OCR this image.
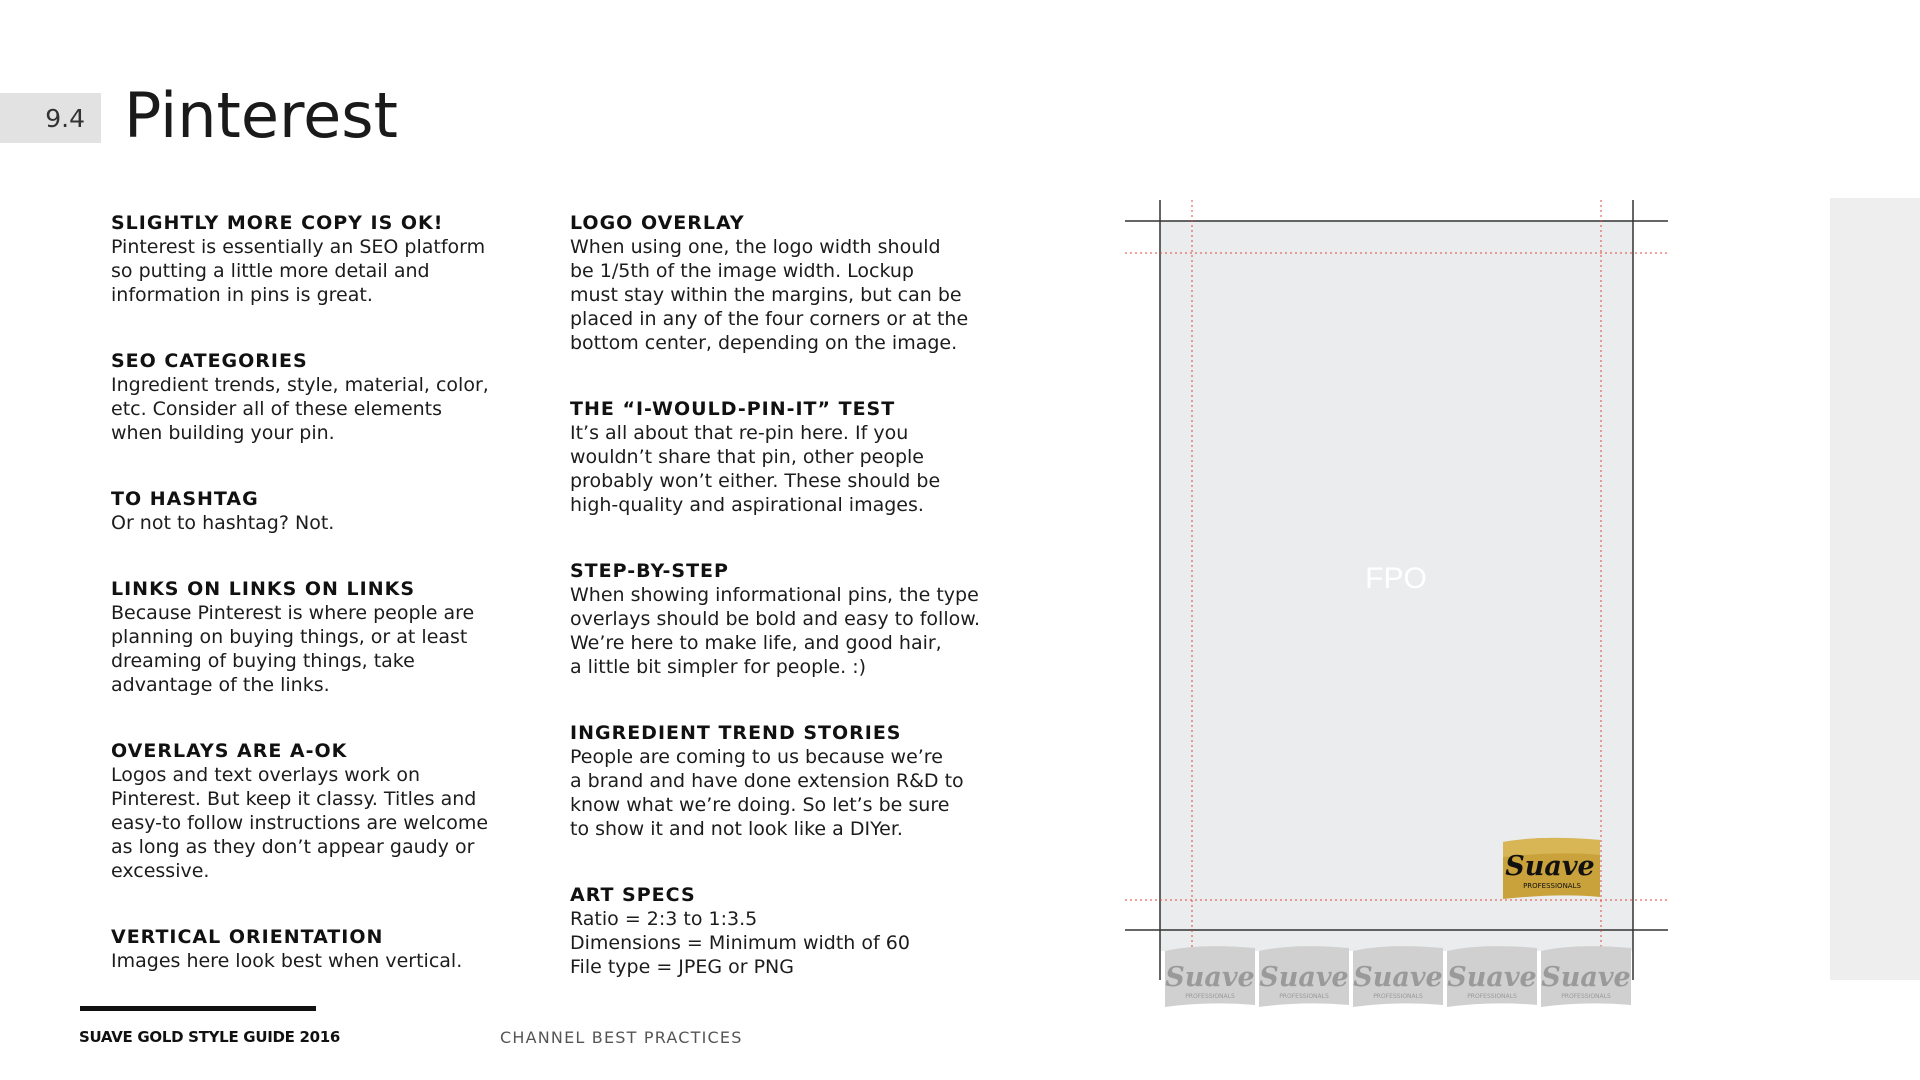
9.4 Pinterest
SLIGHTLY MORE COPY IS OK!
Pinterest is essentially an SEO platform
so putting a little more detail and
information in pins is great.
SEO CATEGORIES
Ingredient trends, style, material, color,
etc. Consider all of these elements
when building your pin.
TO HASHTAG
Or not to hashtag? Not.
LINKS ON LINKS ON LINKS
Because Pinterest is where people are
planning on buying things, or at least
dreaming of buying things, take
advantage of the links.
OVERLAYS ARE A-OK
Logos and text overlays work on
Pinterest. But keep it classy. Titles and
easy-to follow instructions are welcome
as long as they don’t appear gaudy or
excessive.
VERTICAL ORIENTATION
Images here look best when vertical.
LOGO OVERLAY
When using one, the logo width should
be 1/5th of the image width. Lockup
must stay within the margins, but can be
placed in any of the four corners or at the
bottom center, depending on the image.
THE “I-WOULD-PIN-IT” TEST
It’s all about that re-pin here. If you
wouldn’t share that pin, other people
probably won’t either. These should be
high-quality and aspirational images.
STEP-BY-STEP
When showing informational pins, the type
overlays should be bold and easy to follow.
We’re here to make life, and good hair,
a little bit simpler for people. :)
INGREDIENT TREND STORIES
People are coming to us because we’re
a brand and have done extension R&D to
know what we’re doing. So let’s be sure
to show it and not look like a DIYer.
ART SPECS
Ratio = 2:3 to 1:3.5
Dimensions = Minimum width of 60
File type = JPEG or PNG
FPO
Suave
PROFESSIONALS
Suave
PROFESSIONALS
Suave
PROFESSIONALS
Suave
PROFESSIONALS
Suave
PROFESSIONALS
Suave
PROFESSIONALS
SUAVE GOLD STYLE GUIDE 2016	CHANNEL BEST PRACTICES
